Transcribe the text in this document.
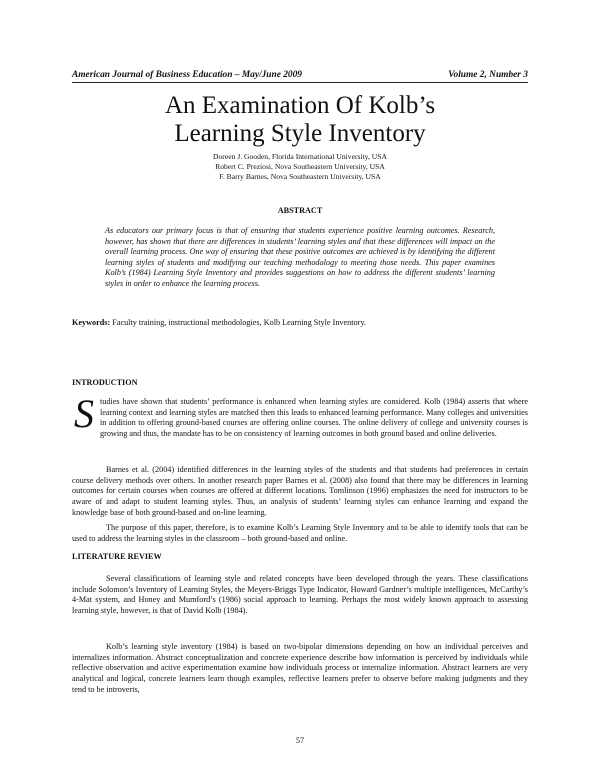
American Journal of Business Education – May/June 2009	Volume 2, Number 3
An Examination Of Kolb’s
Learning Style Inventory
Doreen J. Gooden, Florida International University, USA
Robert C. Preziosi, Nova Southeastern University, USA
F. Barry Barnes, Nova Southeastern University, USA
ABSTRACT
As educators our primary focus is that of ensuring that students experience positive learning outcomes. Research, however, has shown that there are differences in students’ learning styles and that these differences will impact on the overall learning process. One way of ensuring that these positive outcomes are achieved is by identifying the different learning styles of students and modifying our teaching methodology to meeting those needs. This paper examines Kolb’s (1984) Learning Style Inventory and provides suggestions on how to address the different students’ learning styles in order to enhance the learning process.
Keywords: Faculty training, instructional methodologies, Kolb Learning Style Inventory.
INTRODUCTION
S tudies have shown that students’ performance is enhanced when learning styles are considered. Kolb (1984) asserts that where learning context and learning styles are matched then this leads to enhanced learning performance. Many colleges and universities in addition to offering ground-based courses are offering online courses. The online delivery of college and university courses is growing and thus, the mandate has to be on consistency of learning outcomes in both ground based and online deliveries.
Barnes et al. (2004) identified differences in the learning styles of the students and that students had preferences in certain course delivery methods over others. In another research paper Barnes et al. (2008) also found that there may be differences in learning outcomes for certain courses when courses are offered at different locations. Tomlinson (1996) emphasizes the need for instructors to be aware of and adapt to student learning styles. Thus, an analysis of students’ learning styles can enhance learning and expand the knowledge base of both ground-based and on-line learning.
The purpose of this paper, therefore, is to examine Kolb’s Learning Style Inventory and to be able to identify tools that can be used to address the learning styles in the classroom – both ground-based and online.
LITERATURE REVIEW
Several classifications of learning style and related concepts have been developed through the years. These classifications include Solomon’s Inventory of Learning Styles, the Meyers-Briggs Type Indicator, Howard Gardner’s multiple intelligences, McCarthy’s 4-Mat system, and Honey and Mumford’s (1986) social approach to learning. Perhaps the most widely known approach to assessing learning style, however, is that of David Kolb (1984).
Kolb’s learning style inventory (1984) is based on two-bipolar dimensions depending on how an individual perceives and internalizes information. Abstract conceptualization and concrete experience describe how information is perceived by individuals while reflective observation and active experimentation examine how individuals process or internalize information. Abstract learners are very analytical and logical, concrete learners learn though examples, reflective learners prefer to observe before making judgments and they tend to be introverts,
57
